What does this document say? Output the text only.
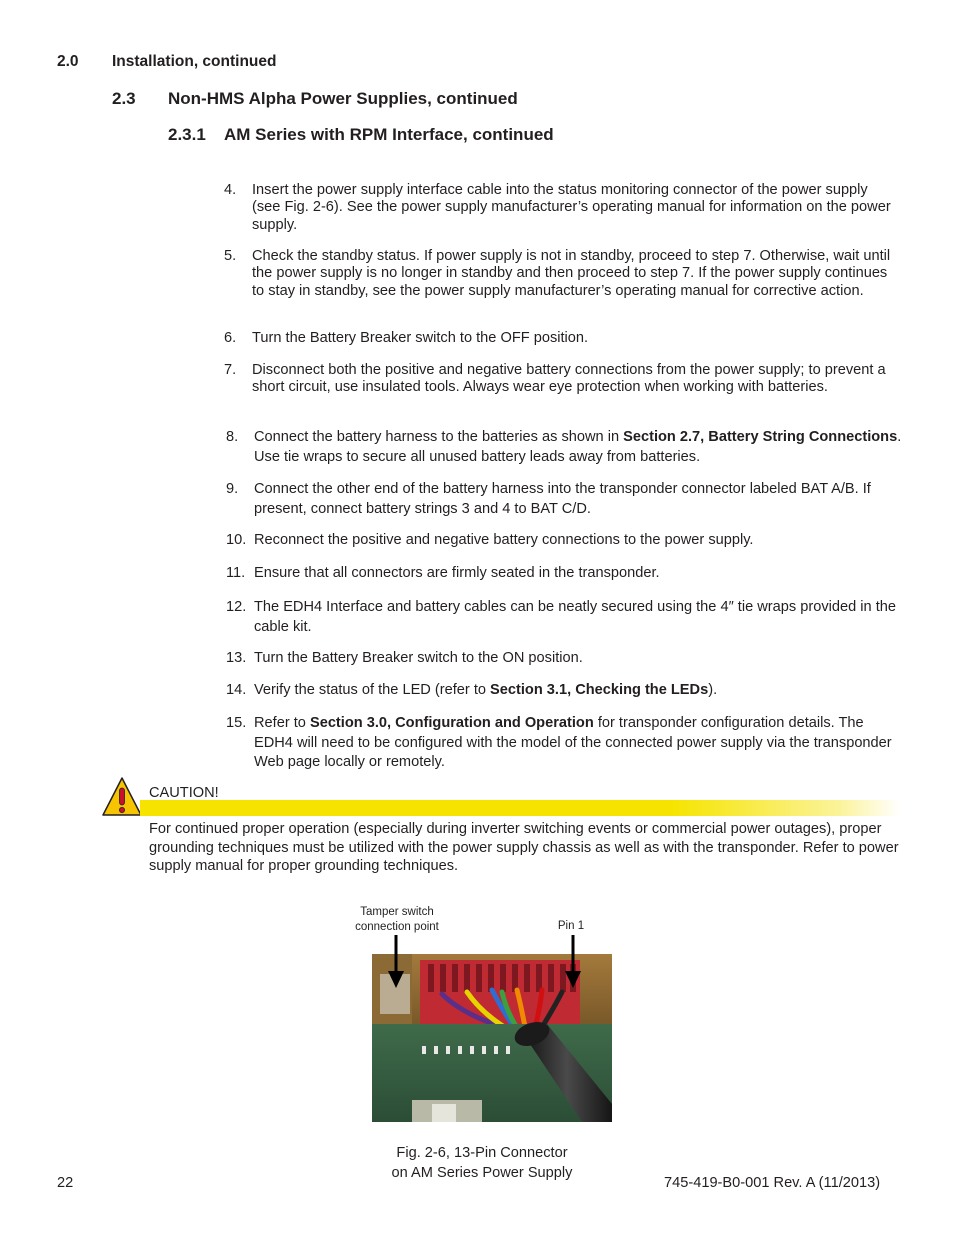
2.0 Installation, continued
2.3 Non-HMS Alpha Power Supplies, continued
2.3.1 AM Series with RPM Interface, continued
4. Insert the power supply interface cable into the status monitoring connector of the power supply (see Fig. 2-6). See the power supply manufacturer’s operating manual for information on the power supply.
5. Check the standby status. If power supply is not in standby, proceed to step 7. Otherwise, wait until the power supply is no longer in standby and then proceed to step 7. If the power supply continues to stay in standby, see the power supply manufacturer’s operating manual for corrective action.
6. Turn the Battery Breaker switch to the OFF position.
7. Disconnect both the positive and negative battery connections from the power supply; to prevent a short circuit, use insulated tools. Always wear eye protection when working with batteries.
8. Connect the battery harness to the batteries as shown in Section 2.7, Battery String Connections. Use tie wraps to secure all unused battery leads away from batteries.
9. Connect the other end of the battery harness into the transponder connector labeled BAT A/B. If present, connect battery strings 3 and 4 to BAT C/D.
10. Reconnect the positive and negative battery connections to the power supply.
11. Ensure that all connectors are firmly seated in the transponder.
12. The EDH4 Interface and battery cables can be neatly secured using the 4″ tie wraps provided in the cable kit.
13. Turn the Battery Breaker switch to the ON position.
14. Verify the status of the LED (refer to Section 3.1, Checking the LEDs).
15. Refer to Section 3.0, Configuration and Operation for transponder configuration details. The EDH4 will need to be configured with the model of the connected power supply via the transponder Web page locally or remotely.
CAUTION!
For continued proper operation (especially during inverter switching events or commercial power outages), proper grounding techniques must be utilized with the power supply chassis as well as with the transponder. Refer to power supply manual for proper grounding techniques.
Tamper switch
connection point	Pin 1
Fig. 2-6, 13-Pin Connector
on AM Series Power Supply
22	745-419-B0-001 Rev. A (11/2013)
